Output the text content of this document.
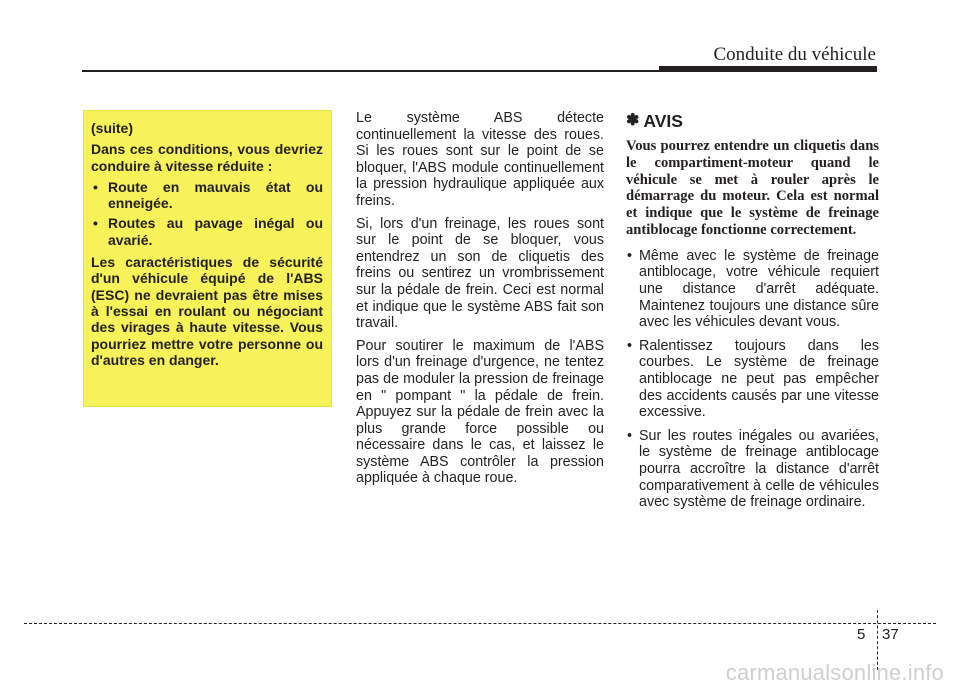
Conduite du véhicule

(suite)

Dans ces conditions, vous devriez conduire à vitesse réduite :

• Route en mauvais état ou enneigée.
• Routes au pavage inégal ou avarié.

Les caractéristiques de sécurité d'un véhicule équipé de l'ABS (ESC) ne devraient pas être mises à l'essai en roulant ou négociant des virages à haute vitesse. Vous pourriez mettre votre personne ou d'autres en danger.

Le système ABS détecte continuellement la vitesse des roues. Si les roues sont sur le point de se bloquer, l'ABS module continuellement la pression hydraulique appliquée aux freins.

Si, lors d'un freinage, les roues sont sur le point de se bloquer, vous entendrez un son de cliquetis des freins ou sentirez un vrombrissement sur la pédale de frein. Ceci est normal et indique que le système ABS fait son travail.

Pour soutirer le maximum de l'ABS lors d'un freinage d'urgence, ne tentez pas de moduler la pression de freinage en " pompant " la pédale de frein. Appuyez sur la pédale de frein avec la plus grande force possible ou nécessaire dans le cas, et laissez le système ABS contrôler la pression appliquée à chaque roue.

✽ AVIS

Vous pourrez entendre un cliquetis dans le compartiment-moteur quand le véhicule se met à rouler après le démarrage du moteur. Cela est normal et indique que le système de freinage antiblocage fonctionne correctement.

• Même avec le système de freinage antiblocage, votre véhicule requiert une distance d'arrêt adéquate. Maintenez toujours une distance sûre avec les véhicules devant vous.
• Ralentissez toujours dans les courbes. Le système de freinage antiblocage ne peut pas empêcher des accidents causés par une vitesse excessive.
• Sur les routes inégales ou avariées, le système de freinage antiblocage pourra accroître la distance d'arrêt comparativement à celle de véhicules avec système de freinage ordinaire.
5 37
carmanualsonline.info
